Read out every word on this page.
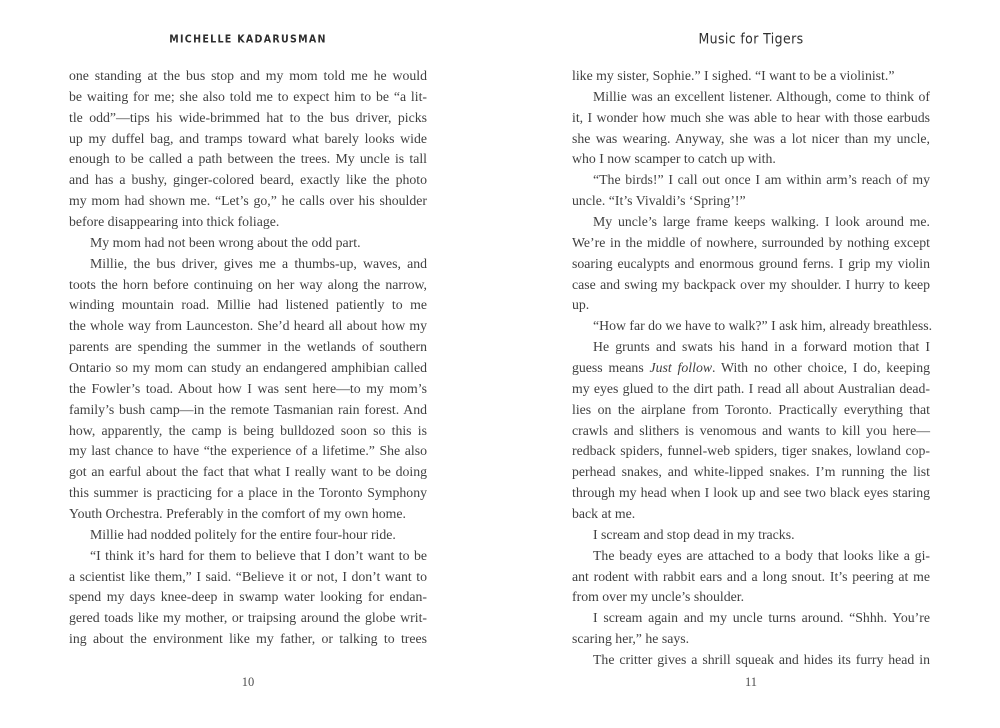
MICHELLE KADARUSMAN
one standing at the bus stop and my mom told me he would
be waiting for me; she also told me to expect him to be “a lit-
tle odd”—tips his wide-brimmed hat to the bus driver, picks
up my duffel bag, and tramps toward what barely looks wide
enough to be called a path between the trees. My uncle is tall
and has a bushy, ginger-colored beard, exactly like the photo
my mom had shown me. “Let’s go,” he calls over his shoulder
before disappearing into thick foliage.
My mom had not been wrong about the odd part.
Millie, the bus driver, gives me a thumbs-up, waves, and
toots the horn before continuing on her way along the narrow,
winding mountain road. Millie had listened patiently to me
the whole way from Launceston. She’d heard all about how my
parents are spending the summer in the wetlands of southern
Ontario so my mom can study an endangered amphibian called
the Fowler’s toad. About how I was sent here—to my mom’s
family’s bush camp—in the remote Tasmanian rain forest. And
how, apparently, the camp is being bulldozed soon so this is
my last chance to have “the experience of a lifetime.” She also
got an earful about the fact that what I really want to be doing
this summer is practicing for a place in the Toronto Symphony
Youth Orchestra. Preferably in the comfort of my own home.
Millie had nodded politely for the entire four-hour ride.
“I think it’s hard for them to believe that I don’t want to be
a scientist like them,” I said. “Believe it or not, I don’t want to
spend my days knee-deep in swamp water looking for endan-
gered toads like my mother, or traipsing around the globe writ-
ing about the environment like my father, or talking to trees
10
Music for Tigers
like my sister, Sophie.” I sighed. “I want to be a violinist.”
Millie was an excellent listener. Although, come to think of
it, I wonder how much she was able to hear with those earbuds
she was wearing. Anyway, she was a lot nicer than my uncle,
who I now scamper to catch up with.
“The birds!” I call out once I am within arm’s reach of my
uncle. “It’s Vivaldi’s ‘Spring’!”
My uncle’s large frame keeps walking. I look around me.
We’re in the middle of nowhere, surrounded by nothing except
soaring eucalypts and enormous ground ferns. I grip my violin
case and swing my backpack over my shoulder. I hurry to keep up.
“How far do we have to walk?” I ask him, already breathless.
He grunts and swats his hand in a forward motion that I
guess means Just follow. With no other choice, I do, keeping
my eyes glued to the dirt path. I read all about Australian dead-
lies on the airplane from Toronto. Practically everything that
crawls and slithers is venomous and wants to kill you here—
redback spiders, funnel-web spiders, tiger snakes, lowland cop-
perhead snakes, and white-lipped snakes. I’m running the list
through my head when I look up and see two black eyes staring
back at me.
I scream and stop dead in my tracks.
The beady eyes are attached to a body that looks like a gi-
ant rodent with rabbit ears and a long snout. It’s peering at me
from over my uncle’s shoulder.
I scream again and my uncle turns around. “Shhh. You’re
scaring her,” he says.
The critter gives a shrill squeak and hides its furry head in
11
